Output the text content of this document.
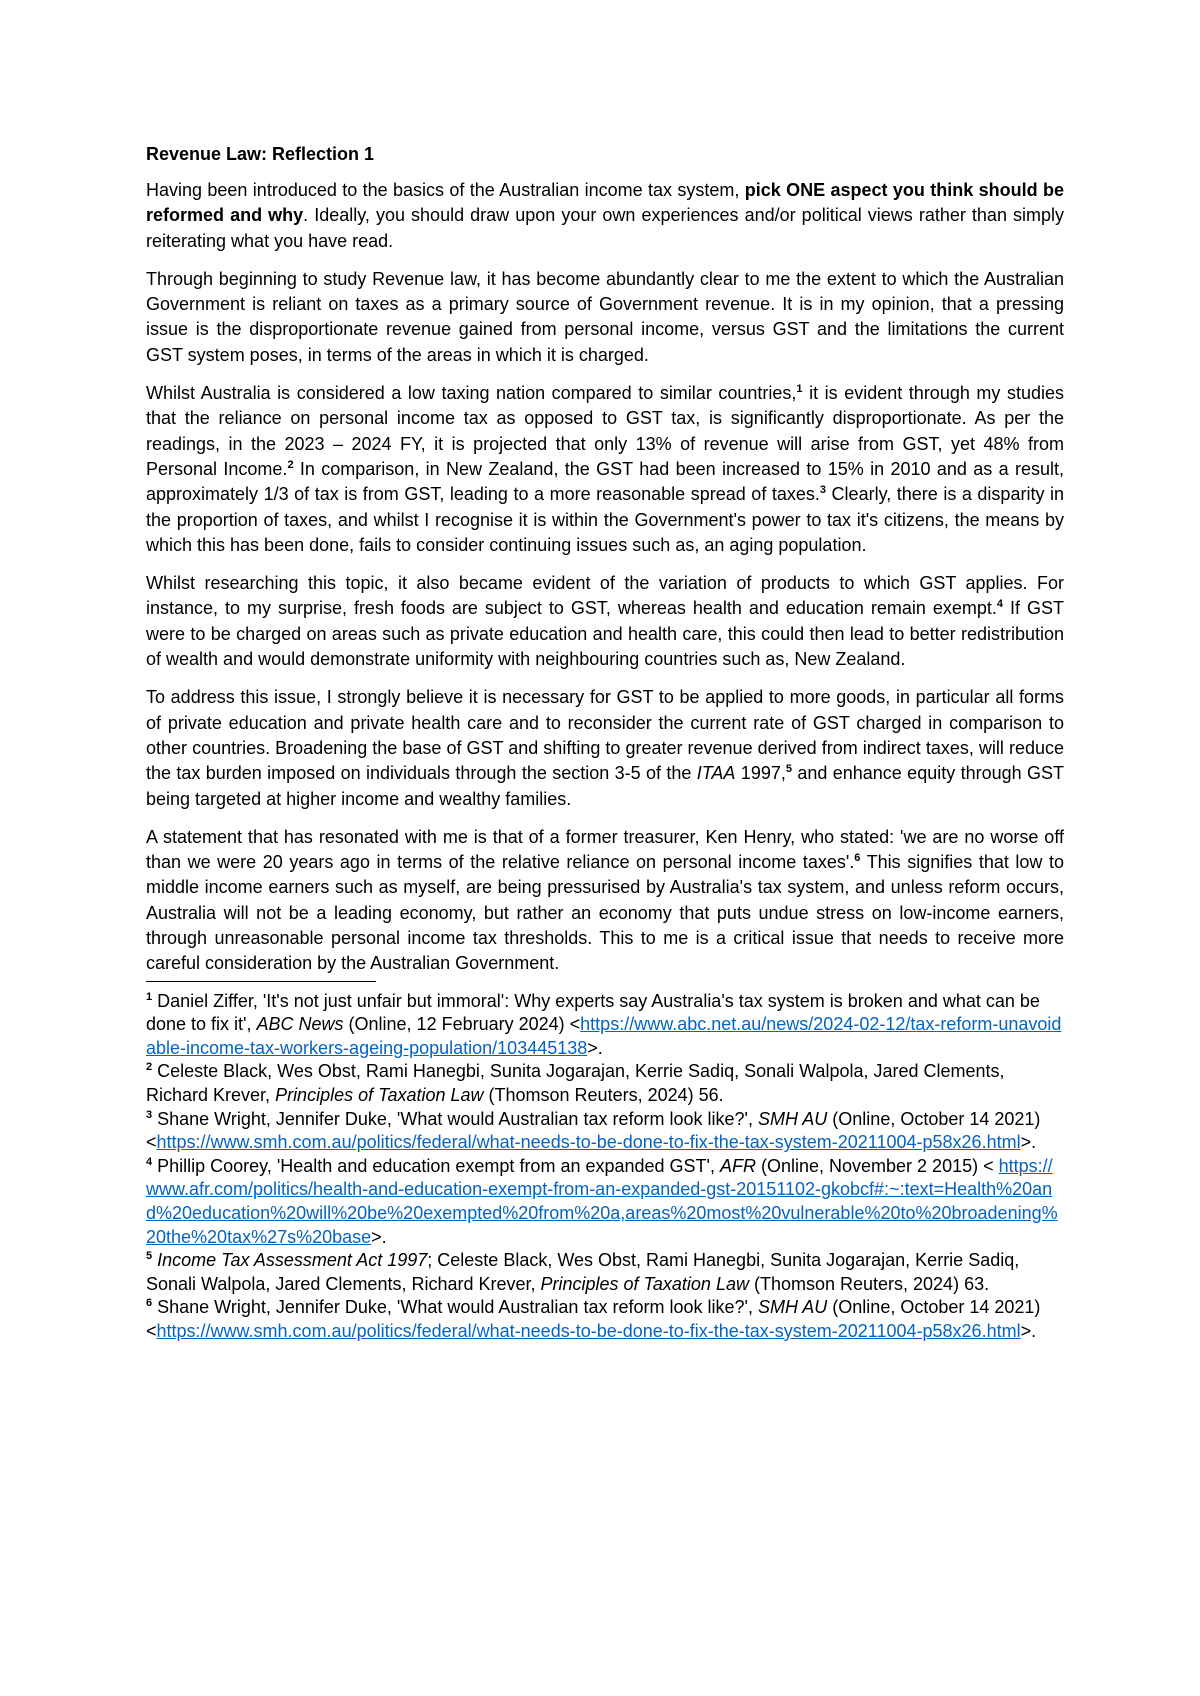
Revenue Law: Reflection 1

Having been introduced to the basics of the Australian income tax system, pick ONE aspect you think should be reformed and why. Ideally, you should draw upon your own experiences and/or political views rather than simply reiterating what you have read.

Through beginning to study Revenue law, it has become abundantly clear to me the extent to which the Australian Government is reliant on taxes as a primary source of Government revenue. It is in my opinion, that a pressing issue is the disproportionate revenue gained from personal income, versus GST and the limitations the current GST system poses, in terms of the areas in which it is charged.

Whilst Australia is considered a low taxing nation compared to similar countries,$^1$ it is evident through my studies that the reliance on personal income tax as opposed to GST tax, is significantly disproportionate. As per the readings, in the 2023 – 2024 FY, it is projected that only 13% of revenue will arise from GST, yet 48% from Personal Income.$^2$ In comparison, in New Zealand, the GST had been increased to 15% in 2010 and as a result, approximately 1/3 of tax is from GST, leading to a more reasonable spread of taxes.$^3$ Clearly, there is a disparity in the proportion of taxes, and whilst I recognise it is within the Government's power to tax it's citizens, the means by which this has been done, fails to consider continuing issues such as, an aging population.

Whilst researching this topic, it also became evident of the variation of products to which GST applies. For instance, to my surprise, fresh foods are subject to GST, whereas health and education remain exempt.$^4$ If GST were to be charged on areas such as private education and health care, this could then lead to better redistribution of wealth and would demonstrate uniformity with neighbouring countries such as, New Zealand.

To address this issue, I strongly believe it is necessary for GST to be applied to more goods, in particular all forms of private education and private health care and to reconsider the current rate of GST charged in comparison to other countries. Broadening the base of GST and shifting to greater revenue derived from indirect taxes, will reduce the tax burden imposed on individuals through the section 3-5 of the ITAA 1997,$^5$ and enhance equity through GST being targeted at higher income and wealthy families.

A statement that has resonated with me is that of a former treasurer, Ken Henry, who stated: 'we are no worse off than we were 20 years ago in terms of the relative reliance on personal income taxes'.$^6$ This signifies that low to middle income earners such as myself, are being pressurised by Australia's tax system, and unless reform occurs, Australia will not be a leading economy, but rather an economy that puts undue stress on low-income earners, through unreasonable personal income tax thresholds. This to me is a critical issue that needs to receive more careful consideration by the Australian Government.

$^1$ Daniel Ziffer, 'It's not just unfair but immoral': Why experts say Australia's tax system is broken and what can be done to fix it', ABC News (Online, 12 February 2024) <https://www.abc.net.au/news/2024-02-12/tax-reform-unavoidable-income-tax-workers-ageing-population/103445138>.

$^2$ Celeste Black, Wes Obst, Rami Hanegbi, Sunita Jogarajan, Kerrie Sadiq, Sonali Walpola, Jared Clements, Richard Krever, Principles of Taxation Law (Thomson Reuters, 2024) 56.

$^3$ Shane Wright, Jennifer Duke, 'What would Australian tax reform look like?', SMH AU (Online, October 14 2021) <https://www.smh.com.au/politics/federal/what-needs-to-be-done-to-fix-the-tax-system-20211004-p58x26.html>.

$^4$ Phillip Coorey, 'Health and education exempt from an expanded GST', AFR (Online, November 2 2015) < https://www.afr.com/politics/health-and-education-exempt-from-an-expanded-gst-20151102-gkobcf#:~:text=Health%20and%20education%20will%20be%20exempted%20from%20a,areas%20most%20vulnerable%20to%20broadening%20the%20tax%27s%20base>.

$^5$ Income Tax Assessment Act 1997; Celeste Black, Wes Obst, Rami Hanegbi, Sunita Jogarajan, Kerrie Sadiq, Sonali Walpola, Jared Clements, Richard Krever, Principles of Taxation Law (Thomson Reuters, 2024) 63.

$^6$ Shane Wright, Jennifer Duke, 'What would Australian tax reform look like?', SMH AU (Online, October 14 2021) <https://www.smh.com.au/politics/federal/what-needs-to-be-done-to-fix-the-tax-system-20211004-p58x26.html>.
